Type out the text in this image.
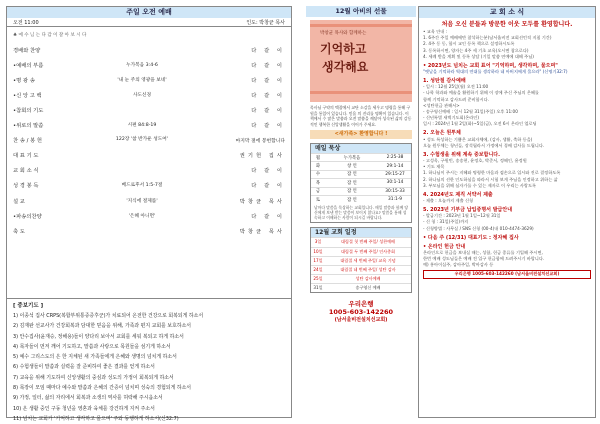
주일 오전 예배
오전 11:00	인도: 박창균 목사
♣ 예 수 님 는 다 감 이 찰 아 보 시 다
경배와 찬양	다 같 이
•예배의 부름	누가복음 3:4-6	다 같 이
•명 광 송	'내 눈 주의 영광을 보네'	다 같 이
•신 앙 고 백	사도신경	다 같 이
•참회의 기도	다 같 이
•위로의 말씀	시편 84:8-19	다 같 이
찬 송 / 봉 헌	122장 '참 반가운 성도여'	마지막 절에 봉헌합니다
대 표 기 도	권기헌 집사
교 회 소 식	다 같 이
성 경 봉 독	베드로후서 1:5-7절	다 같 이
설 교	'지식에 절제를'	박창균 목사
•파송의찬양	'은혜 아니면'	다 같 이
축 도	박창균 목사
[ 중보기도 ]
1) 이종석 집사 CRPS(복합부위통증증후군)가 치료되어 온전한 건강으로 회복되게 하소서
2) 김재완 선교사가 건강회복과 담대한 믿음을 위해, 가족과 편지 교회를 보호하소서
3) 안수집사(윤재승, 정해용)들이 양다리 보아서 교회를 세워 복되고 하게 하소서
4) 목자들이 먼저 깨어 기도하고, 말씀과 사랑으로 목원들을 섬기게 하소서
5) 예수 그리스도의 은 한 지체된 새 가족들에게 은혜와 생명의 넘치게 하소서
6) 수험생들이 말씀과 실력을 잘 준비하여 좋은 결과를 얻게 하소서
7) 교육을 위해 기도하여 신앙생활의 중심과 성도의 가정이 회복되게 하소서
8) 목장이 모임 때마다 예수와 말씀과 은혜의 간증이 넘치며 성숙의 경험되게 하소서
9) 가정, 일터, 삶의 자리에서 회복과 소생의 역사를 허락해 주시옵소서
10) 온 생활 중인 구동 청년을 영혼과 육체를 강건하게 지켜 주소서
11) 넘치는 교회가 '기억하고 생각하고 몰으며' 주와 동행하게 하소서(신32:7)
12월 아비의 선물
박창균 목사와 함께하는
기억하고
생각해요
목사님 구약의 맥잡에서 교단 소감을 세우고 명령을 통해 구원을 통있어 있습니다. 믿음 의 진리를 명확이 있습니다. 이 책에서 수 많은 말씀과 오전 말씀을 깨달아 성숙된 삶의 감동적인 행복한 신앙생활을 이어가 주세요.
<새가족> 환영합니다 !
매일 묵상
월	누가복음	2:25-38
화	창 언	29:1-14
수	잠 언	29:15-27
목	잠 언	30:1-14
금	잠 언	30:15-33
토	잠 언	31:1-9
날마다 말씀을 묵상하는 교회입니다. 매일 말씀과 함께 당신에게 보낸 받는 말씀이 보이지 않나요? 말씀을 통해 성숙하고 이해하는 사람이 되시길 바랍니다.
12월 교회 일정
3일	대림절 첫 번째 주일/ 성찬예배
10일	대림절 두 번째 주일/ 인사총회
17일	대림절 세 번째 주일/ 교육 기념
24일	대림절 네 번째 주일/ 성탄 감사
25일	성탄 감사예배
31일	송구영신 예배
우리은행
1005-603-142260
(남서울비전설치선교회)
교 회 소 식
처음 오신 분들과 방문한 이웃 모두를 환영합니다.
• 교육 안내 :
1. 6주간 주일 예배에만 참석하는분(남서울비전 교회선언적 지침 기간)
2. 4주 동 동, 합시 교인 등록 책으로 설정하시도록
3. 동록하시면, 양자는 4주 세 기초 교육(오시면 참으로다)
4. 세례 받을 계획 및 등록 상담 (기일 말씀 연예에 대해 주님)
• 2023년도 넘치는 교회 표어 "기억하며, 생각하며, 물으며"
"옛날을 기억하라 역대의 연대를 생각하라 네 아버지에게 물으라" (신명기32:7)
1. 성탄절 감사예배
- 일시 : 12월 25일(월) 오전 11:00
- 나학 학과와 예술을 활원하기 위해 이 장에 주신 주님의 은혜를
함께 기억하고 감사드려 준비합시다.
<성탄헌금 관해서>
- 송구영신예배 : 일시 12월 31일(주일) 오후 11:00
- 신년특별 새벽기도회(온라인)
일시 : 2024년 1월 2일(화)~5일(금), 오전 6시 온라인 업로딩
2. 오늘은 원투체
• 성도 특성하는 기쁨은 교회자체에, (감사, 생활, 축하 등을)
오늘 원투체는 청년들, 장석립라서 가정에서 경배 감사를 드립니다.
3. 수험생을 위해 계속 중보합니다.
- 고성욱, 구원빈, 송송현, 윤정호, 박준서, 정해인, 윤정원
• 기도 제목
1. 하나님이 주시는 지혜와 명령한 마음과 겸손으로 입시와 진로 결정하도록
2. 하나님의 선한 인도하심을 따라서 시험 보게 주님을 인정하고 위하는 삶
3. 부모님을 위해 심자가를 수 있는 제자로 이 우리는 사랑도록
4. 2024년도 제직 서약서 제출
- 제출 : 오늘까지 제출 신청
5. 2023년 기부금 납입증명서 발급안내
- 발급기간 : 2023년 1월 1일~12월 31일
- 신 청 : 31일(주일)까지
- 신청방법 : 사무실 / SNS 신청 (00-4(내 010-4474-3629)
• 다음 주 (12/31) 대표기도 : 정자혜 집사
• 온라인 헌금 안내
온라인으로 헌금을 보내실 때는, 성함, 헌금 종류를 기입해 주시면,
한번 예배 성도님들은 예배 전 입구 헌금함에 드려주시기 바랍니다.
예) 홍아이십주, 감아주일, 박아감사 등
우리은행 1005-603-142260 (남서울비전설치선교회)
